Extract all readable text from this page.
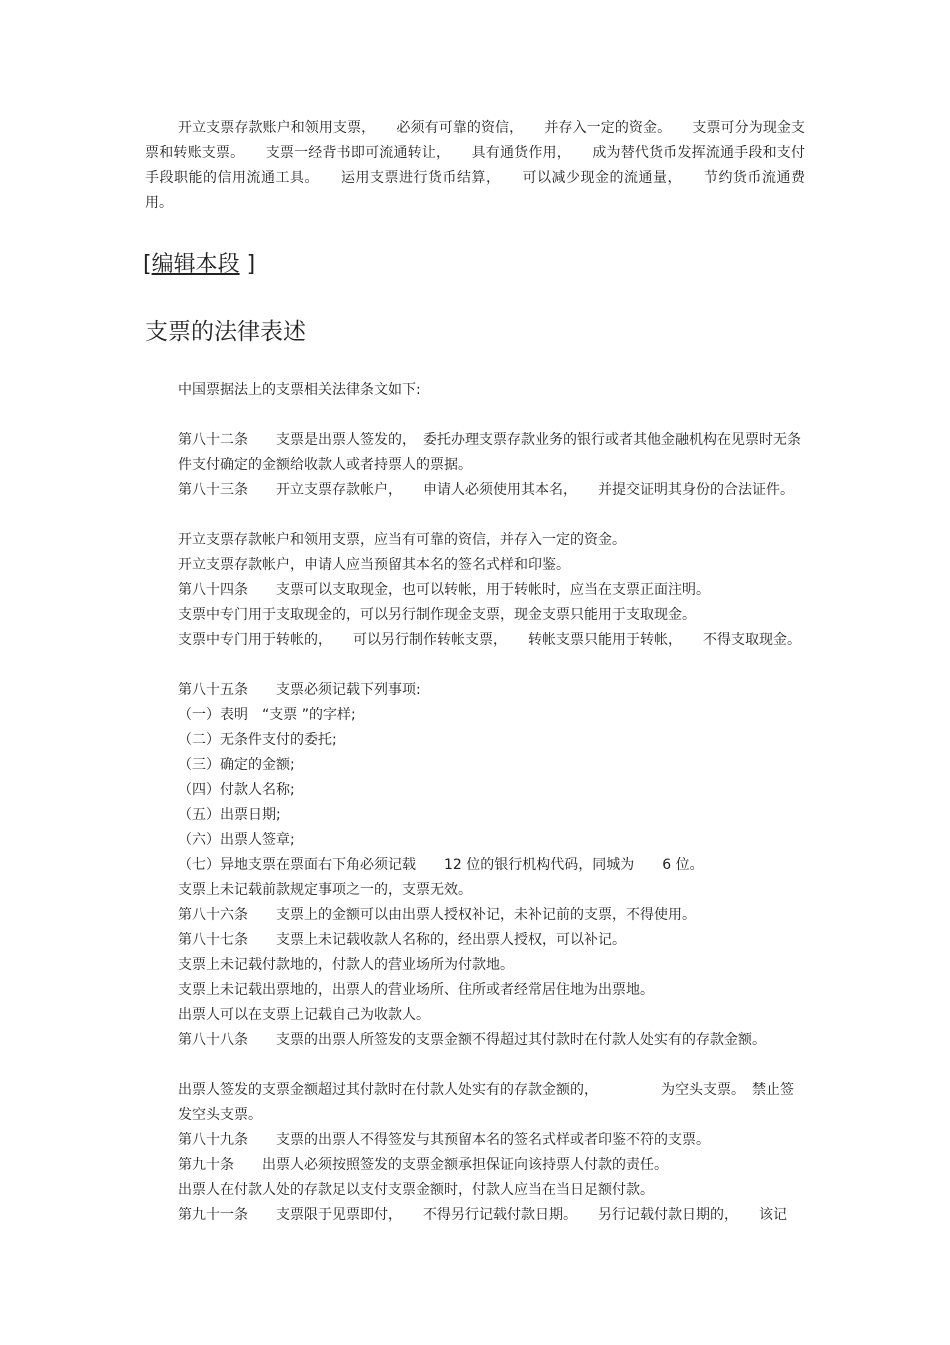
开立支票存款账户和领用支票，　　必须有可靠的资信，　　并存入一定的资金。　　支票可分为现金支票和转账支票。　　支票一经背书即可流通转让，　　具有通货作用，　　成为替代货币发挥流通手段和支付手段职能的信用流通工具。　　运用支票进行货币结算，　　可以减少现金的流通量，　　节约货币流通费用。

[编辑本段 ]

支票的法律表述

中国票据法上的支票相关法律条文如下:

第八十二条　　支票是出票人签发的，　委托办理支票存款业务的银行或者其他金融机构在见票时无条件支付确定的金额给收款人或者持票人的票据。

第八十三条　　开立支票存款帐户，　　申请人必须使用其本名，　　并提交证明其身份的合法证件。

开立支票存款帐户和领用支票，应当有可靠的资信，并存入一定的资金。

开立支票存款帐户，申请人应当预留其本名的签名式样和印鉴。

第八十四条　　支票可以支取现金，也可以转帐，用于转帐时，应当在支票正面注明。

支票中专门用于支取现金的，可以另行制作现金支票，现金支票只能用于支取现金。

支票中专门用于转帐的，　　可以另行制作转帐支票，　　转帐支票只能用于转帐，　　不得支取现金。

第八十五条　　支票必须记载下列事项:

（一）表明　“支票 ”的字样;

（二）无条件支付的委托;

（三）确定的金额;

（四）付款人名称;

（五）出票日期;

（六）出票人签章;

（七）异地支票在票面右下角必须记载　　12 位的银行机构代码，同城为　　6 位。

支票上未记载前款规定事项之一的，支票无效。

第八十六条　　支票上的金额可以由出票人授权补记，未补记前的支票，不得使用。

第八十七条　　支票上未记载收款人名称的，经出票人授权，可以补记。

支票上未记载付款地的，付款人的营业场所为付款地。

支票上未记载出票地的，出票人的营业场所、住所或者经常居住地为出票地。

出票人可以在支票上记载自己为收款人。

第八十八条　　支票的出票人所签发的支票金额不得超过其付款时在付款人处实有的存款金额。

出票人签发的支票金额超过其付款时在付款人处实有的存款金额的，　　　　　为空头支票。　禁止签发空头支票。

第八十九条　　支票的出票人不得签发与其预留本名的签名式样或者印鉴不符的支票。

第九十条　　出票人必须按照签发的支票金额承担保证向该持票人付款的责任。

出票人在付款人处的存款足以支付支票金额时，付款人应当在当日足额付款。

第九十一条　　支票限于见票即付，　　不得另行记载付款日期。　　另行记载付款日期的，　　该记
